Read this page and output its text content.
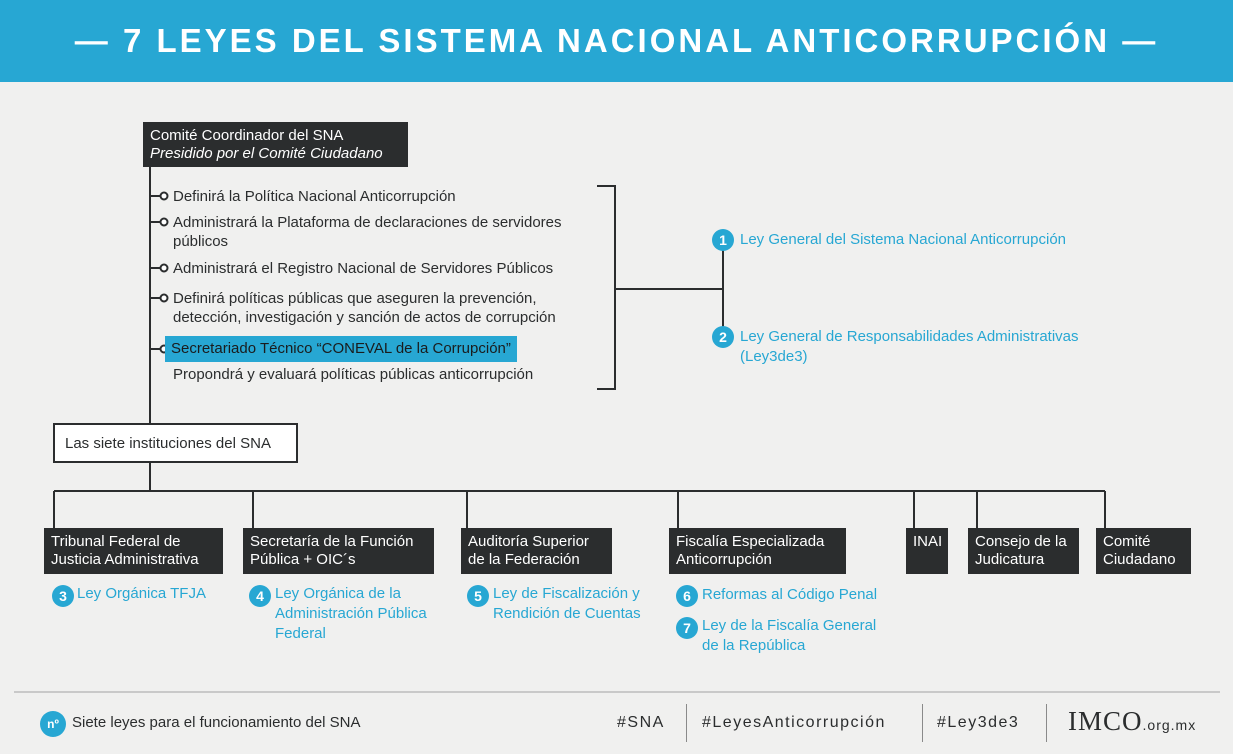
— 7 LEYES DEL SISTEMA NACIONAL ANTICORRUPCIÓN —
Comité Coordinador del SNA
Presidido por el Comité Ciudadano
Definirá la Política Nacional Anticorrupción
Administrará la Plataforma de declaraciones de servidores
públicos
Administrará el Registro Nacional de Servidores Públicos
Definirá políticas públicas que aseguren la prevención,
detección, investigación y sanción de actos de corrupción
Secretariado Técnico “CONEVAL de la Corrupción”
Propondrá y evaluará políticas públicas anticorrupción
1 Ley General del Sistema Nacional Anticorrupción
2 Ley General de Responsabilidades Administrativas
(Ley3de3)
Las siete instituciones del SNA
Tribunal Federal de
Justicia Administrativa
Secretaría de la Función
Pública + OIC´s
Auditoría Superior
de la Federación
Fiscalía Especializada
Anticorrupción
INAI Consejo de la
Judicatura
Comité
Ciudadano
3 Ley Orgánica TFJA	4 Ley Orgánica de la
Administración Pública
Federal
5 Ley de Fiscalización y
Rendición de Cuentas
6 Reformas al Código Penal
7 Ley de la Fiscalía General
de la República
nº Siete leyes para el funcionamiento del SNA	#SNA #LeyesAnticorrupción	#Ley3de3 IMCO.org.mx
